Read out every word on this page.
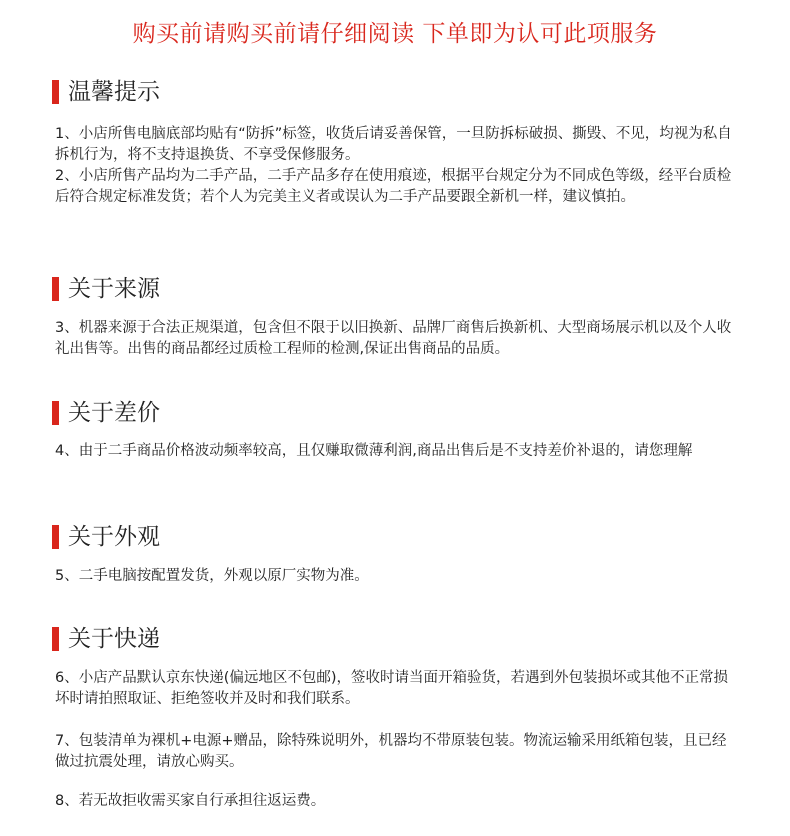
购买前请购买前请仔细阅读 下单即为认可此项服务
温馨提示
1、小店所售电脑底部均贴有“防拆”标签，收货后请妥善保管，一旦防拆标破损、撕毁、不见，均视为私自拆机行为，将不支持退换货、不享受保修服务。
2、小店所售产品均为二手产品，二手产品多存在使用痕迹，根据平台规定分为不同成色等级，经平台质检后符合规定标准发货；若个人为完美主义者或误认为二手产品要跟全新机一样，建议慎拍。
关于来源
3、机器来源于合法正规渠道，包含但不限于以旧换新、品牌厂商售后换新机、大型商场展示机以及个人收礼出售等。出售的商品都经过质检工程师的检测,保证出售商品的品质。
关于差价
4、由于二手商品价格波动频率较高，且仅赚取微薄利润,商品出售后是不支持差价补退的，请您理解
关于外观
5、二手电脑按配置发货，外观以原厂实物为准。
关于快递
6、小店产品默认京东快递(偏远地区不包邮)，签收时请当面开箱验货，若遇到外包装损坏或其他不正常损坏时请拍照取证、拒绝签收并及时和我们联系。
7、包装清单为裸机+电源+赠品，除特殊说明外，机器均不带原装包装。物流运输采用纸箱包装，且已经做过抗震处理，请放心购买。
8、若无故拒收需买家自行承担往返运费。
